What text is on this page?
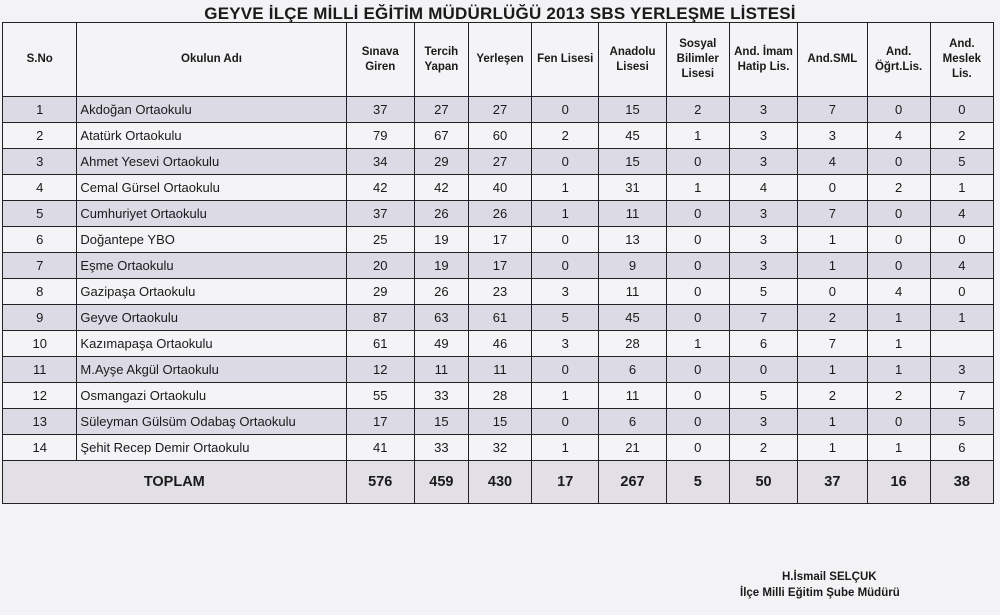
GEYVE İLÇE MİLLİ EĞİTİM MÜDÜRLÜĞÜ 2013 SBS YERLEŞME LİSTESİ
S.No	Okulun Adı	Sınava Giren	Tercih Yapan	Yerleşen	Fen Lisesi	Anadolu Lisesi	Sosyal Bilimler Lisesi	And. İmam Hatip Lis.	And.SML	And. Öğrt.Lis.	And. Meslek Lis.
1	Akdoğan Ortaokulu	37	27	27	0	15	2	3	7	0	0
2	Atatürk Ortaokulu	79	67	60	2	45	1	3	3	4	2
3	Ahmet Yesevi Ortaokulu	34	29	27	0	15	0	3	4	0	5
4	Cemal Gürsel Ortaokulu	42	42	40	1	31	1	4	0	2	1
5	Cumhuriyet Ortaokulu	37	26	26	1	11	0	3	7	0	4
6	Doğantepe YBO	25	19	17	0	13	0	3	1	0	0
7	Eşme Ortaokulu	20	19	17	0	9	0	3	1	0	4
8	Gazipaşa Ortaokulu	29	26	23	3	11	0	5	0	4	0
9	Geyve Ortaokulu	87	63	61	5	45	0	7	2	1	1
10	Kazımapaşa Ortaokulu	61	49	46	3	28	1	6	7	1	
11	M.Ayşe Akgül Ortaokulu	12	11	11	0	6	0	0	1	1	3
12	Osmangazi Ortaokulu	55	33	28	1	11	0	5	2	2	7
13	Süleyman Gülsüm Odabaş Ortaokulu	17	15	15	0	6	0	3	1	0	5
14	Şehit Recep Demir Ortaokulu	41	33	32	1	21	0	2	1	1	6
TOPLAM		576	459	430	17	267	5	50	37	16	38
H.İsmail SELÇUK
İlçe Milli Eğitim Şube Müdürü
